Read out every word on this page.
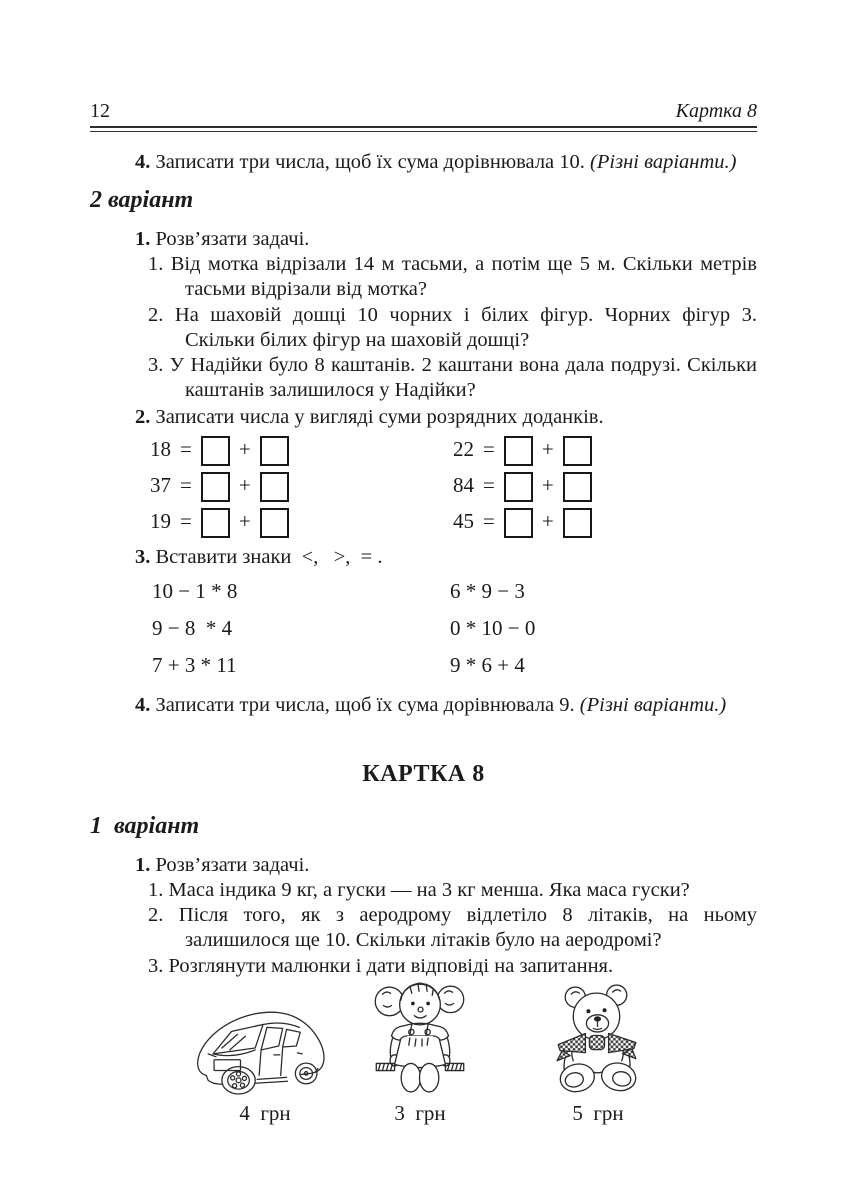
12	Картка 8

4. Записати три числа, щоб їх сума дорівнювала 10. (Різні варіанти.)

2 варіант

1. Розв’язати задачі.

1. Від мотка відрізали 14 м тасьми, а потім ще 5 м. Скільки метрів тасьми відрізали від мотка?
2. На шаховій дошці 10 чорних і білих фігур. Чорних фігур 3. Скільки білих фігур на шаховій дошці?
3. У Надійки було 8 каштанів. 2 каштани вона дала подрузі. Скільки каштанів залишилося у Надійки?

2. Записати числа у вигляді суми розрядних доданків.

18 = +	22 = +
37 = +	84 = +
19 = +	45 = +

3. Вставити знаки  <,   >,  = .

10 − 1 * 8	6 * 9 − 3
9 − 8  * 4	0 * 10 − 0
7 + 3 * 11	9 * 6 + 4

4. Записати три числа, щоб їх сума дорівнювала 9. (Різні варіанти.)

КАРТКА 8
1  варіант

1. Розв’язати задачі.

1. Маса індика 9 кг, а гуски — на 3 кг менша. Яка маса гуски?
2. Після того, як з аеродрому відлетіло 8 літаків, на ньому залишилося ще 10. Скільки літаків було на аеродромі?
3. Розглянути малюнки і дати відповіді на запитання.
4  грн	3  грн	5  грн
